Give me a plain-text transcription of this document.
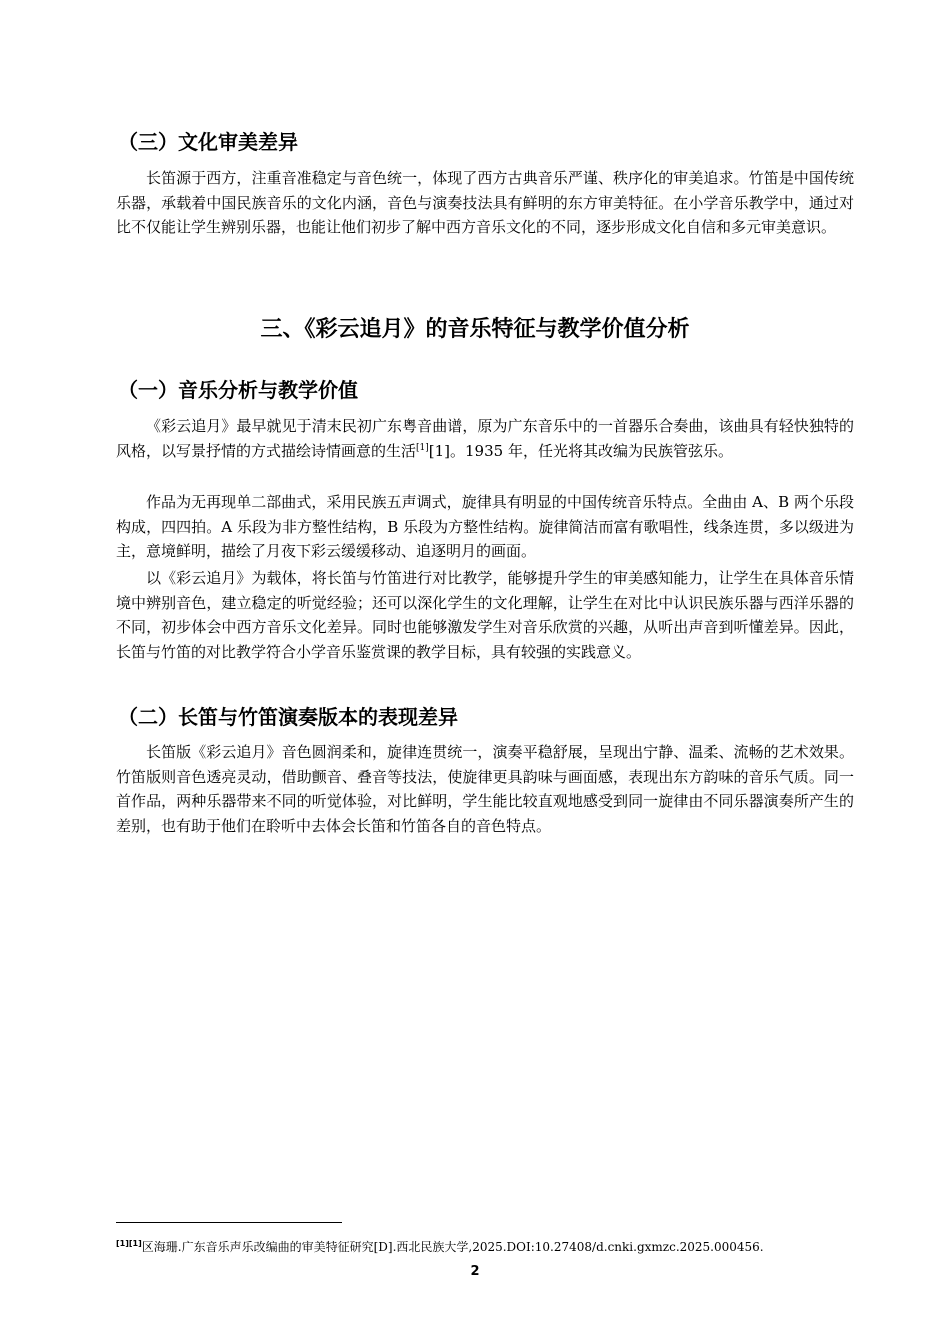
（三）文化审美差异

长笛源于西方，注重音准稳定与音色统一，体现了西方古典音乐严谨、秩序化的审美追求。竹笛是中国传统乐器，承载着中国民族音乐的文化内涵，音色与演奏技法具有鲜明的东方审美特征。在小学音乐教学中，通过对比不仅能让学生辨别乐器，也能让他们初步了解中西方音乐文化的不同，逐步形成文化自信和多元审美意识。

三、《彩云追月》的音乐特征与教学价值分析
（一）音乐分析与教学价值

《彩云追月》最早就见于清末民初广东粤音曲谱，原为广东音乐中的一首器乐合奏曲，该曲具有轻快独特的风格，以写景抒情的方式描绘诗情画意的生活[1][1]。1935 年，任光将其改编为民族管弦乐。

作品为无再现单二部曲式，采用民族五声调式，旋律具有明显的中国传统音乐特点。全曲由 A、B 两个乐段构成，四四拍。A 乐段为非方整性结构，B 乐段为方整性结构。旋律简洁而富有歌唱性，线条连贯，多以级进为主，意境鲜明，描绘了月夜下彩云缓缓移动、追逐明月的画面。

以《彩云追月》为载体，将长笛与竹笛进行对比教学，能够提升学生的审美感知能力，让学生在具体音乐情境中辨别音色，建立稳定的听觉经验；还可以深化学生的文化理解，让学生在对比中认识民族乐器与西洋乐器的不同，初步体会中西方音乐文化差异。同时也能够激发学生对音乐欣赏的兴趣，从听出声音到听懂差异。因此，长笛与竹笛的对比教学符合小学音乐鉴赏课的教学目标，具有较强的实践意义。

（二）长笛与竹笛演奏版本的表现差异

长笛版《彩云追月》音色圆润柔和，旋律连贯统一，演奏平稳舒展，呈现出宁静、温柔、流畅的艺术效果。竹笛版则音色透亮灵动，借助颤音、叠音等技法，使旋律更具韵味与画面感，表现出东方韵味的音乐气质。同一首作品，两种乐器带来不同的听觉体验，对比鲜明，学生能比较直观地感受到同一旋律由不同乐器演奏所产生的差别，也有助于他们在聆听中去体会长笛和竹笛各自的音色特点。

[1][1]区海珊.广东音乐声乐改编曲的审美特征研究[D].西北民族大学,2025.DOI:10.27408/d.cnki.gxmzc.2025.000456.
2
